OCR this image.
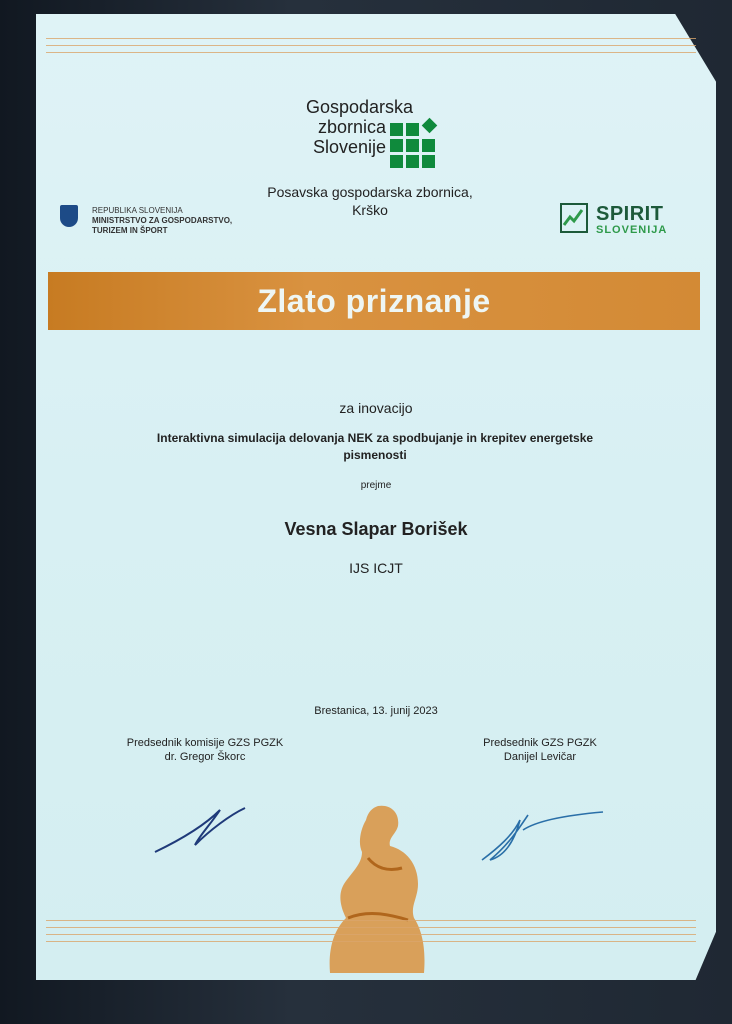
Gospodarska
zbornica
Slovenije
Posavska gospodarska zbornica,
Krško
REPUBLIKA SLOVENIJA
MINISTRSTVO ZA GOSPODARSTVO,
TURIZEM IN ŠPORT
SPIRIT
SLOVENIJA
Zlato priznanje
za inovacijo
Interaktivna simulacija delovanja NEK za spodbujanje in krepitev energetske pismenosti
prejme
Vesna Slapar Borišek
IJS ICJT
Brestanica, 13. junij 2023
Predsednik komisije GZS PGZK
dr. Gregor Škorc
Predsednik GZS PGZK
Danijel Levičar
